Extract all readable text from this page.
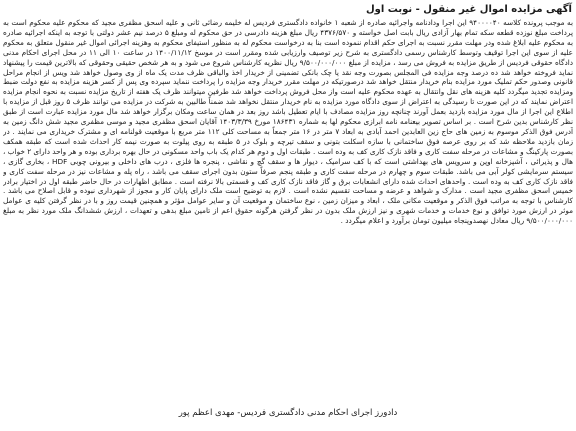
آگهی مزایده اموال غیر منقول - نوبت اول

به موجب پرونده کلاسه ۹۴۰۰۰۰۴۰ این اجرا ودادنامه واجرائیه صادره از شعبه ۱ خانواده دادگستری فردیس له خلیمه رضائی ثانی و علیه اسحق مظفری مجید که محکوم علیه محکوم است به پرداخت مبلغ نوزده قطعه سکه تمام بهار آزادی ریال بابت اصل خواسته و ۴۳۷۶/۵۷۰ ریال مبلغ هزینه دادرسی در حق محکوم له ومبلغ ۵ درصد نیم عشر دولتی با توجه به اینکه اجرائیه صادره به محکوم علیه ابلاغ شده ودر مهلت مقرر نسبت به اجرای حکم اقدام ننموده است بنا به درخواست محکوم له به منظور استیفای محکوم به وهزینه اجرائی اموال غیر منقول متعلق به محکوم علیه از سوی این اجرا توقیف وتوسط کارشناس رسمی دادگستری به شرح زیر توصیف وارزیابی شده ومقرر است در موسخ ۱۴۰۰/۱۱/۱۲ در ساعت ۱۰ الی ۱۱ در محل اجرای احکام مدنی دادگاه حقوقی فردیس از طریق مزایده به فروش می رسد ، مزایده از مبلغ ۹/۵۰۰/۰۰۰/۰۰۰ ریال نظریه کارشناس شروع می شود و به هر شخص حقیقی وحقوقی که بالاترین قیمت را پیشنهاد نماید فروخته خواهد شد ده درصد وجه مزایده فی المجلس بصورت وجه نقد یا چک بانکی تضمینی از خریدار اخذ والباقی ظرف مدت یک ماه از وی وصول خواهد شد ویس از انجام مراحل قانونی وصدور حکم تملیک مورد مزایده بنام خریدار منتقل خواهد شد درصورتیکه در مهلت مقرر خریدار وجه مزایده را پرداخت ننماید سپرده وی پس از کسر هزینه مزایده به نفع دولت ضبط ومزایده تجدید میگردد کلیه هزینه های نقل وانتقال به عهده محکوم علیه است واز محل فروش پرداخت خواهد شد طرفین میتوانند ظرف یک هفته از تاریخ مزایده نسبت به نحوه انجام مزایده اعتراض نمایند که در این صورت تا رسیدگی به اعتراض از سوی دادگاه مورد مزایده به نام خریدار منتقل نخواهد شد ضمناً طالبین به شرکت در مزایده می توانند ظرف ۵ روز قبل از مزایده با اطلاع این اجرا از مال مورد مزایده بازدید بعمل آورند چنانچه روز مزایده مصادف با ایام تعطیل باشد روز بعد در همان ساعت ومکان برگزار خواهد شد مال مورد مزایده عبارت است از طبق نظر کارشناس بدین شرح است . بر اساس تصویر بیعنامه نامه ابرازی محکوم لها به شماره ۱۸۶۴۳۱ مورخ ۱۴۰۳/۳/۳۹ آقایان اسحق مظفری مجید و موسی مظفری مجید شش دانگ زمین به آدرس فوق الذکر موسوم به زمین های حاج زین العابدین احمد آبادی به ابعاد ۷ متر در ۱۶ متر جمعاً به مساحت کلی ۱۱۲ متر مربع با موقعیت قولنامه ای و مشترک خریداری می نمایند . در زمان بازدید ملاحظه شد که بر روی عرصه فوق ساختمانی با سازه اسکلت بتونی و سقف تیرچه و بلوک در ۵ طبقه به روی پیلوت به صورت نیمه کار احداث شده است که طبقه همکف بصورت پارکینگ و مشاعات در مرحله سفت کاری و فاقد نازک کاری کف به وده است . طبقات اول و دوم هر کدام یک باب واحد مسکونی در حال بهره برداری بوده و هر واحد دارای ۲ خواب ، هال و پذیرائی ، آشپزخانه اوپن و سرویس های بهداشتی است که با کف سرامیک ، دیوار ها و سقف گچ و نقاشی ، پنجره ها فلزی ، درب های داخلی و بیرونی چوبی HDF ، بخاری گازی ، سیستم سرمایشی کولر آبی می باشد. طبقات سوم و چهارم در مرحله سفت کاری و طبقه پنجم صرفاً ستون بدون اجرای سقف می باشد ، راه پله و مشاعات نیز در مرحله سفت کاری و فاقد نازک کاری کف به وده است . واحدهای احداث شده دارای انشعابات برق و گاز فاقد نازک کاری کف و قسمتی بالا نرفته است . مطابق اظهارات در حال حاضر طبقه اول در اختیار برادر خمیس اسحق مظفری مجید است . مدارک و شواهد و عرضه و مساحت تقسیم نشده است . لازم به توضیح است ملک دارای پایان کار و مجوز از شهرداری نبوده و قابل اصلاح می باشد . کارشناس با توجه به مراتب فوق الذکر و موقعیت مکانی ملک ، ابعاد و میزان زمین ، نوع ساختمان و موقعیت آن و سایر عوامل مؤثر و همچنین قیمت روز و با در نظر گرفتن کلیه ی عوامل موثر در ارزش مورد توافق و نوع خدمات و خدمات شهری و نیز ارزش ملک بدون در نظر گرفتن هرگونه حقوق اعم از تامین مبلغ بدهی و تعهدات ، ارزش ششدانگ ملک مورد نظر به مبلغ ۹/۵۰۰/۰۰۰/۰۰۰ ریال معادل نهصدوپنجاه میلیون تومان برآورد و اعلام میگردد .

دادورز اجرای احکام مدنی دادگستری فردیس- مهدی اعظم پور
